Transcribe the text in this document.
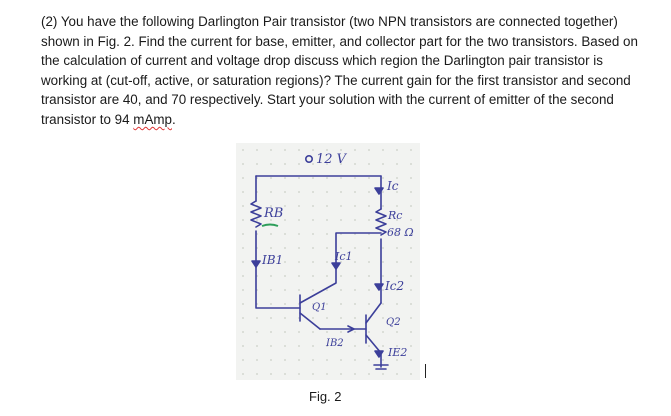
(2) You have the following Darlington Pair transistor (two NPN transistors are connected together) shown in Fig. 2. Find the current for base, emitter, and collector part for the two transistors. Based on the calculation of current and voltage drop discuss which region the Darlington pair transistor is working at (cut-off, active, or saturation regions)? The current gain for the first transistor and second transistor are 40, and 70 respectively. Start your solution with the current of emitter of the second transistor to 94 mAmp.

12 V
RB
Ic
Rc
68 Ω
IB1	Ic1
Ic2
Q1
Q2
IB2
IE2
Fig. 2
